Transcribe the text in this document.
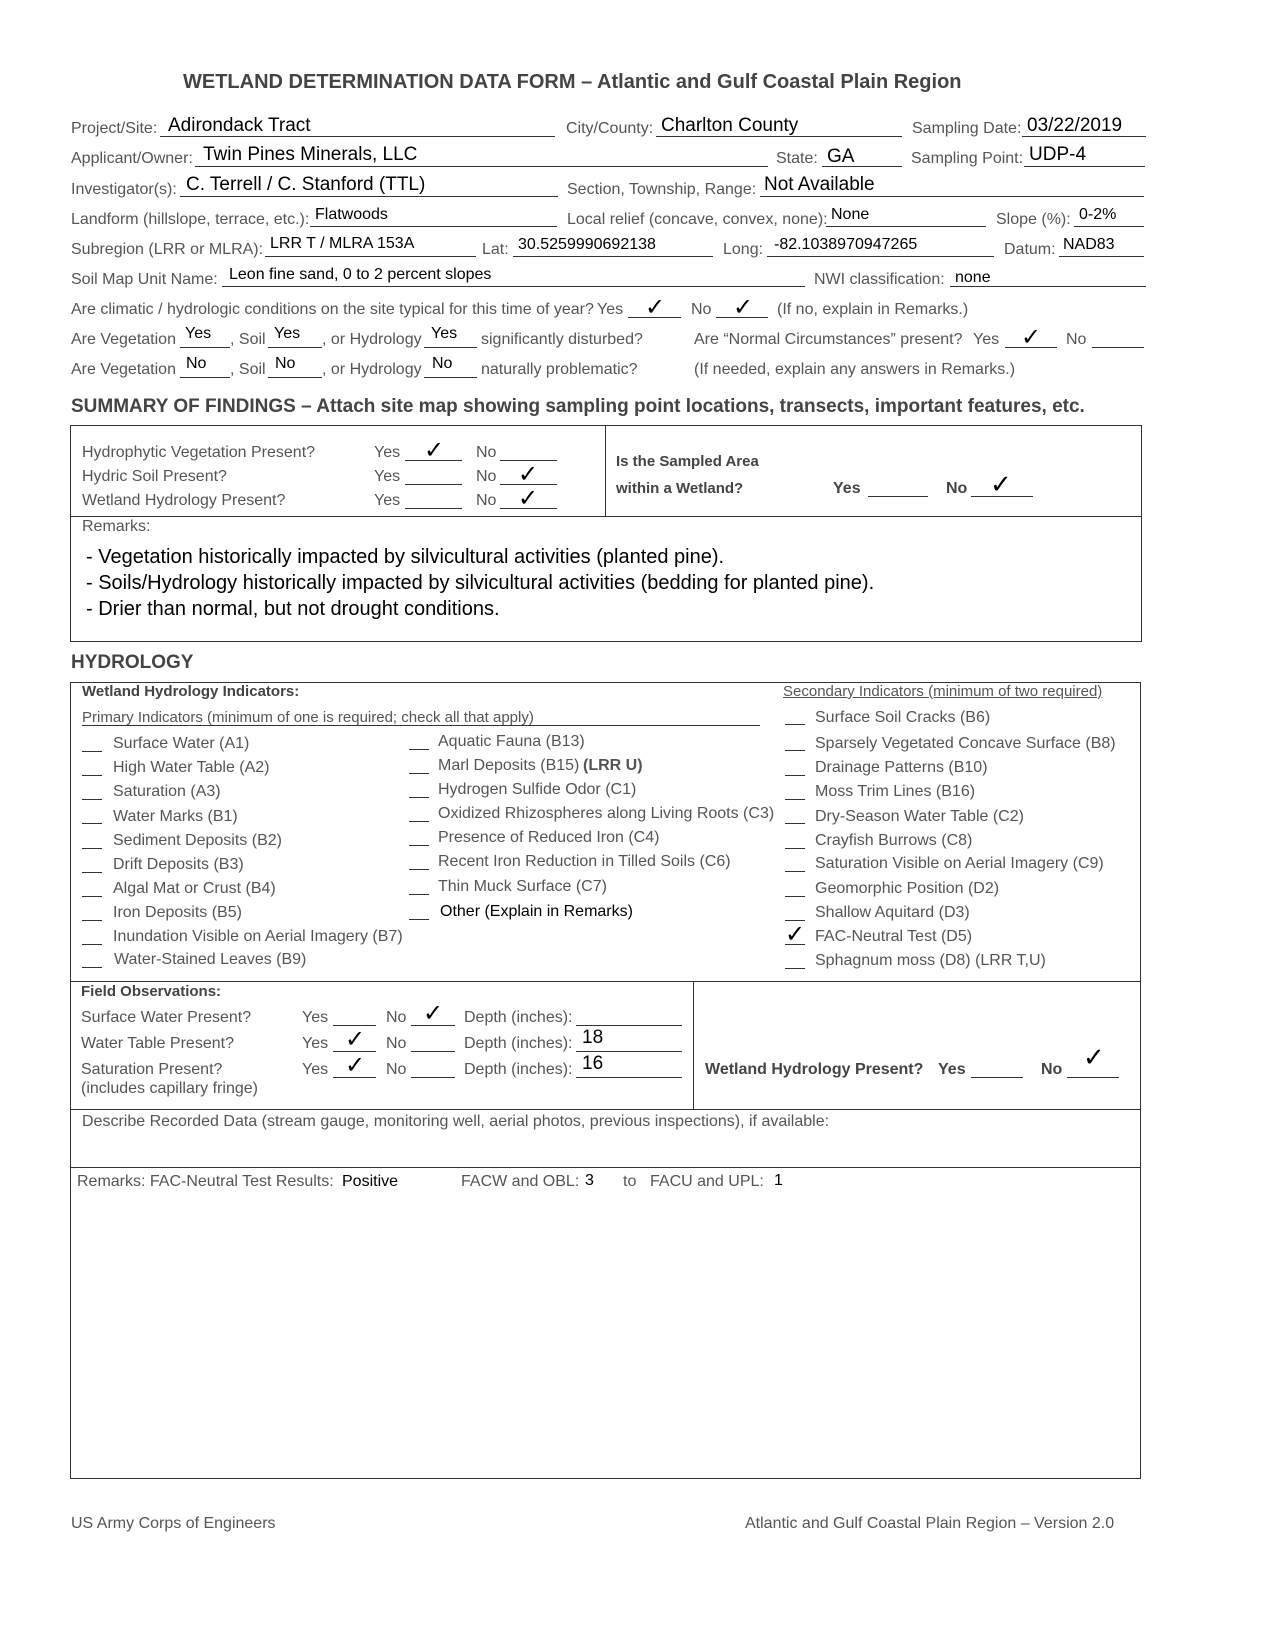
WETLAND DETERMINATION DATA FORM – Atlantic and Gulf Coastal Plain Region
Project/Site: Adirondack Tract	City/County: Charlton County	Sampling Date: 03/22/2019
Applicant/Owner: Twin Pines Minerals, LLC	State: GA	Sampling Point: UDP-4
Investigator(s): C. Terrell / C. Stanford (TTL)	Section, Township, Range: Not Available
Landform (hillslope, terrace, etc.): Flatwoods	Local relief (concave, convex, none): None	Slope (%): 0-2%
Subregion (LRR or MLRA): LRR T / MLRA 153A	Lat: 30.5259990692138	Long: -82.1038970947265	Datum: NAD83
Soil Map Unit Name: Leon fine sand, 0 to 2 percent slopes	NWI classification: none
Are climatic / hydrologic conditions on the site typical for this time of year? Yes ✓ No ✓ (If no, explain in Remarks.)
Are Vegetation Yes , Soil Yes , or Hydrology Yes significantly disturbed?	Are “Normal Circumstances” present? Yes ✓ No
Are Vegetation No , Soil No , or Hydrology No naturally problematic?	(If needed, explain any answers in Remarks.)
SUMMARY OF FINDINGS – Attach site map showing sampling point locations, transects, important features, etc.
Hydrophytic Vegetation Present?	Yes ✓ No
Hydric Soil Present?	Yes	No ✓
Wetland Hydrology Present?	Yes	No ✓
Is the Sampled Area
within a Wetland?	Yes	No ✓
Remarks:
- Vegetation historically impacted by silvicultural activities (planted pine).
- Soils/Hydrology historically impacted by silvicultural activities (bedding for planted pine).
- Drier than normal, but not drought conditions.
HYDROLOGY
Wetland Hydrology Indicators:
Primary Indicators (minimum of one is required; check all that apply)
Secondary Indicators (minimum of two required)
Surface Water (A1)
High Water Table (A2)
Saturation (A3)
Water Marks (B1)
Sediment Deposits (B2)
Drift Deposits (B3)
Algal Mat or Crust (B4)
Iron Deposits (B5)
Inundation Visible on Aerial Imagery (B7)
Water-Stained Leaves (B9)
Aquatic Fauna (B13)
Marl Deposits (B15) (LRR U)
Hydrogen Sulfide Odor (C1)
Oxidized Rhizospheres along Living Roots (C3)
Presence of Reduced Iron (C4)
Recent Iron Reduction in Tilled Soils (C6)
Thin Muck Surface (C7)
Other (Explain in Remarks)
Surface Soil Cracks (B6)
Sparsely Vegetated Concave Surface (B8)
Drainage Patterns (B10)
Moss Trim Lines (B16)
Dry-Season Water Table (C2)
Crayfish Burrows (C8)
Saturation Visible on Aerial Imagery (C9)
Geomorphic Position (D2)
Shallow Aquitard (D3)
✓ FAC-Neutral Test (D5)
Sphagnum moss (D8) (LRR T,U)
Field Observations:
Surface Water Present?	Yes	No ✓ Depth (inches):
Water Table Present?	Yes ✓ No	Depth (inches): 18
Saturation Present?
(includes capillary fringe)
Yes ✓ No	Depth (inches): 16	Wetland Hydrology Present? Yes	No ✓
Describe Recorded Data (stream gauge, monitoring well, aerial photos, previous inspections), if available:
Remarks: FAC-Neutral Test Results: Positive	FACW and OBL: 3 to FACU and UPL: 1
US Army Corps of Engineers	Atlantic and Gulf Coastal Plain Region – Version 2.0
